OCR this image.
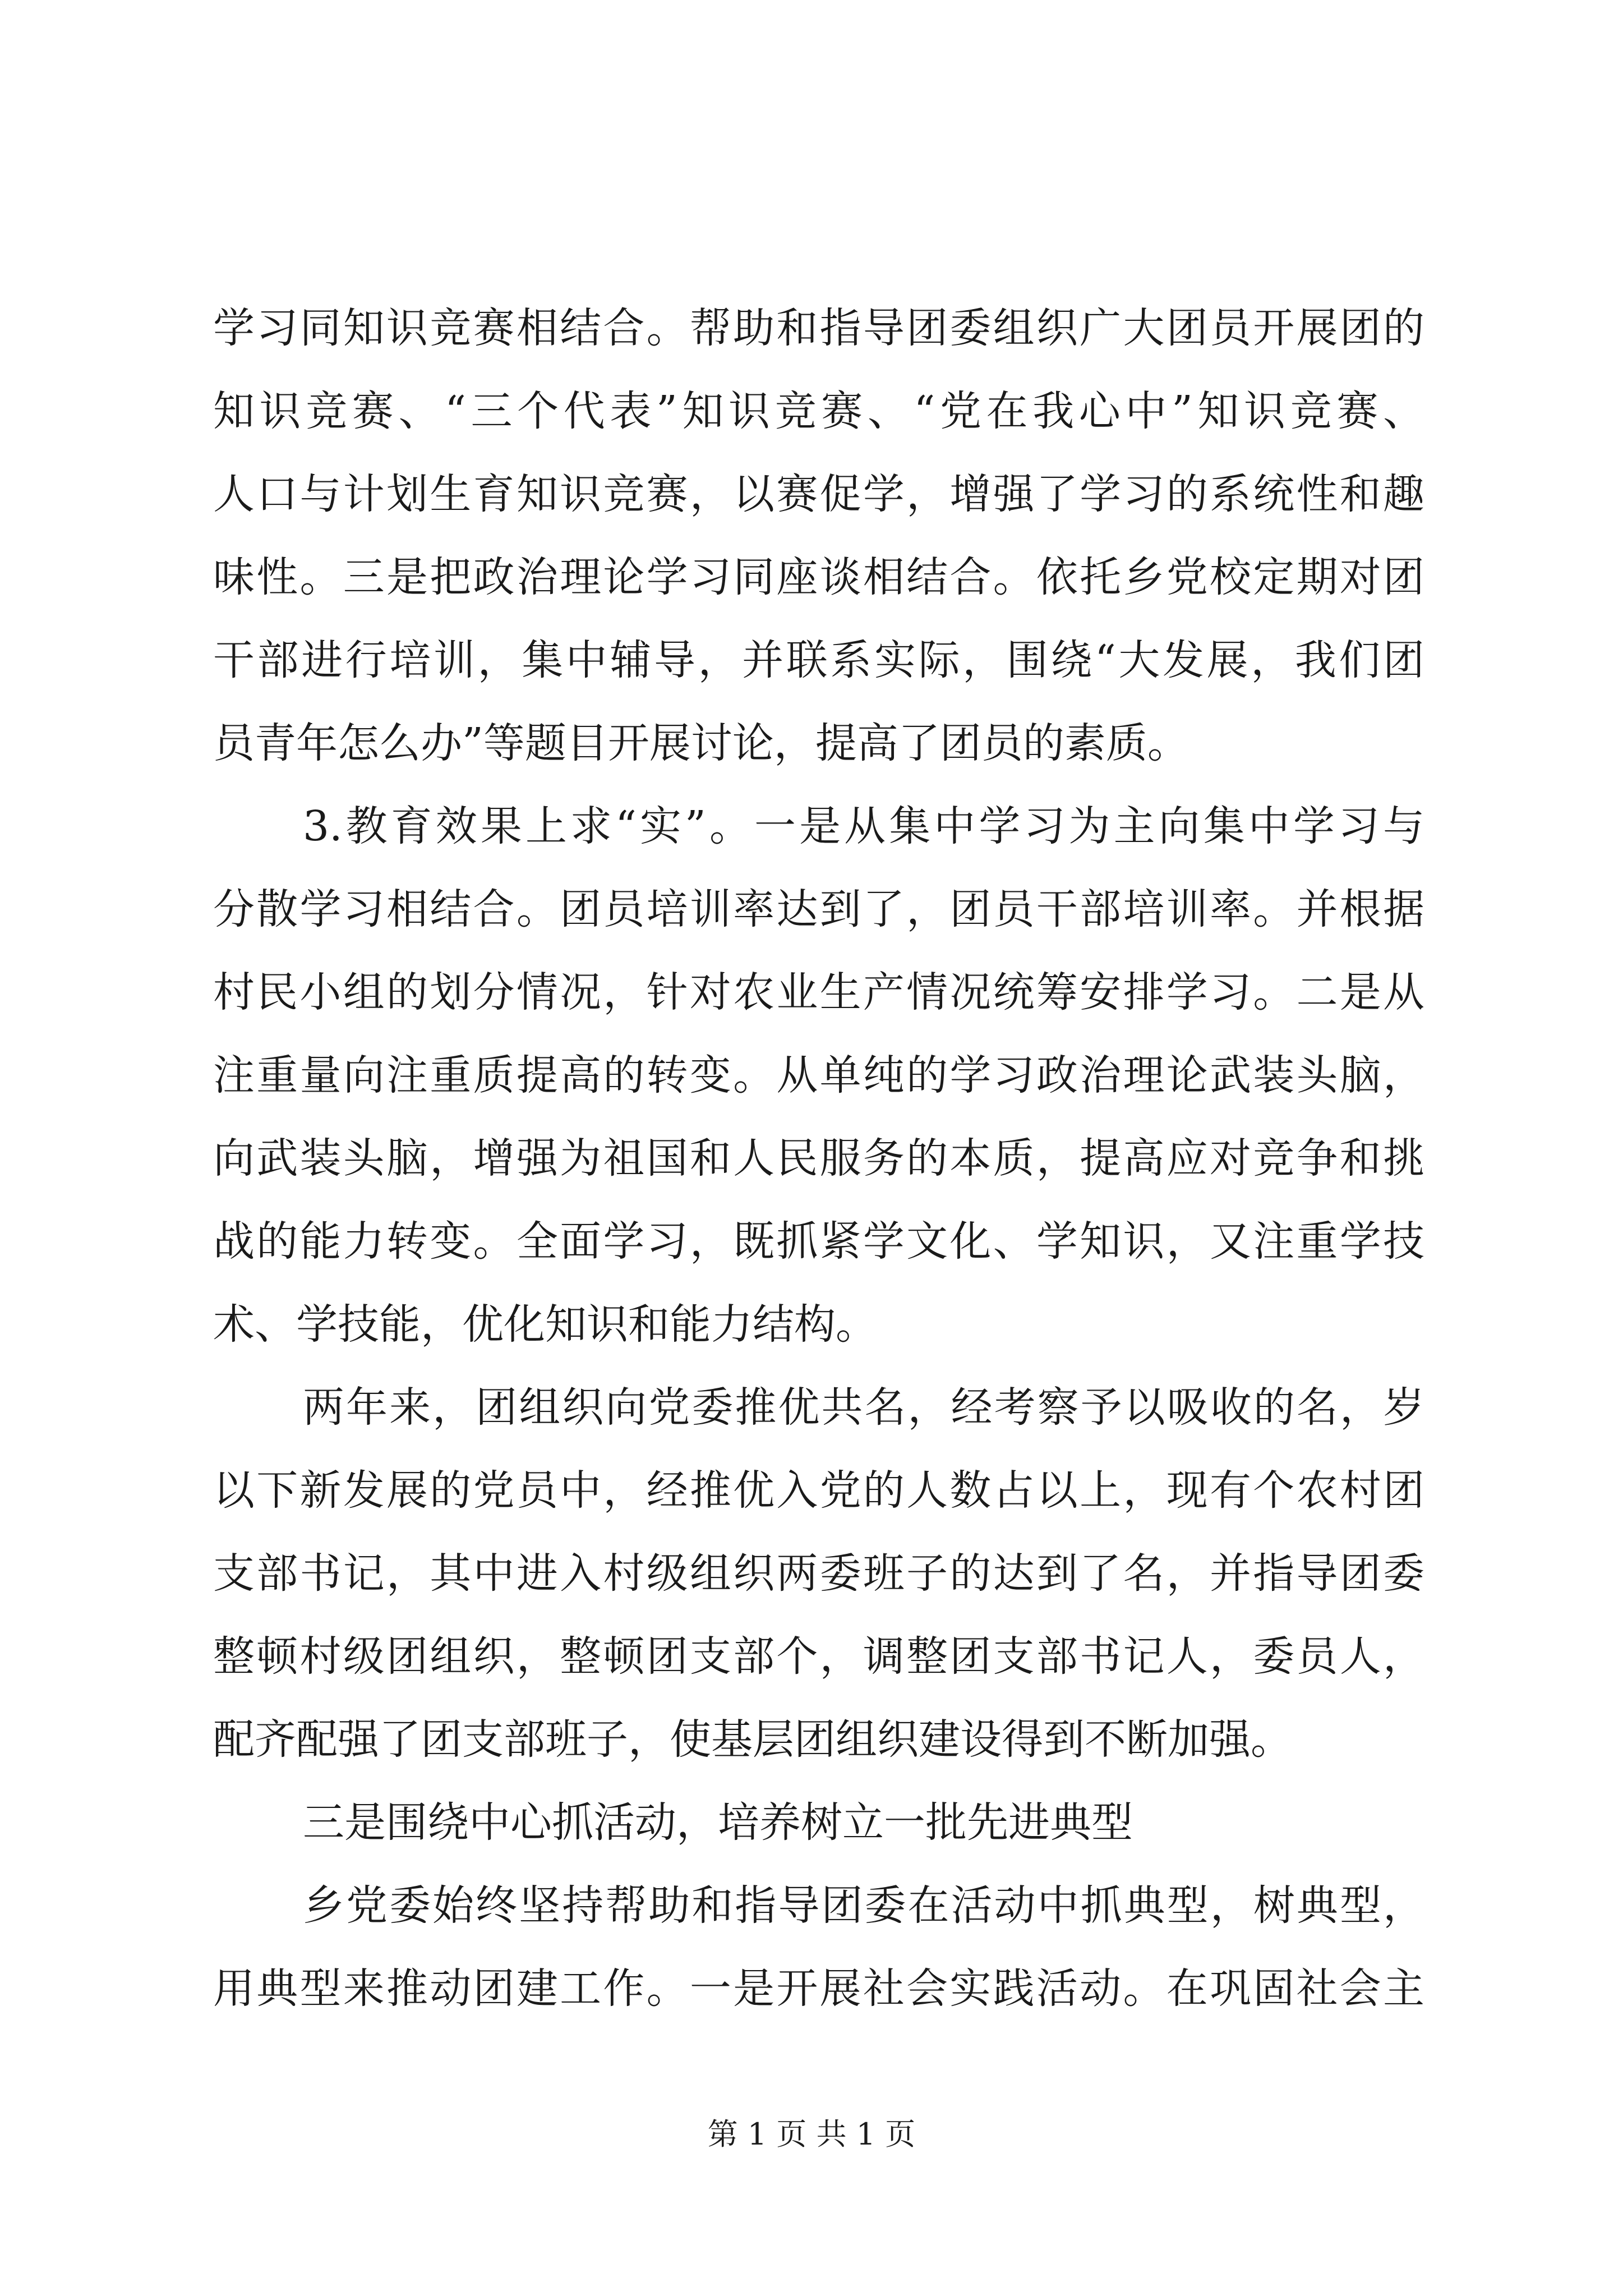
学习同知识竞赛相结合。帮助和指导团委组织广大团员开展团的
知识竞赛、“三个代表”知识竞赛、“党在我心中”知识竞赛、
人口与计划生育知识竞赛，以赛促学，增强了学习的系统性和趣
味性。三是把政治理论学习同座谈相结合。依托乡党校定期对团
干部进行培训，集中辅导，并联系实际，围绕“大发展，我们团
员青年怎么办”等题目开展讨论，提高了团员的素质。
3.教育效果上求“实”。一是从集中学习为主向集中学习与
分散学习相结合。团员培训率达到了，团员干部培训率。并根据
村民小组的划分情况，针对农业生产情况统筹安排学习。二是从
注重量向注重质提高的转变。从单纯的学习政治理论武装头脑，
向武装头脑，增强为祖国和人民服务的本质，提高应对竞争和挑
战的能力转变。全面学习，既抓紧学文化、学知识，又注重学技
术、学技能，优化知识和能力结构。
两年来，团组织向党委推优共名，经考察予以吸收的名，岁
以下新发展的党员中，经推优入党的人数占以上，现有个农村团
支部书记，其中进入村级组织两委班子的达到了名，并指导团委
整顿村级团组织，整顿团支部个，调整团支部书记人，委员人，
配齐配强了团支部班子，使基层团组织建设得到不断加强。
三是围绕中心抓活动，培养树立一批先进典型
乡党委始终坚持帮助和指导团委在活动中抓典型，树典型，
用典型来推动团建工作。一是开展社会实践活动。在巩固社会主
第 1 页 共 1 页
